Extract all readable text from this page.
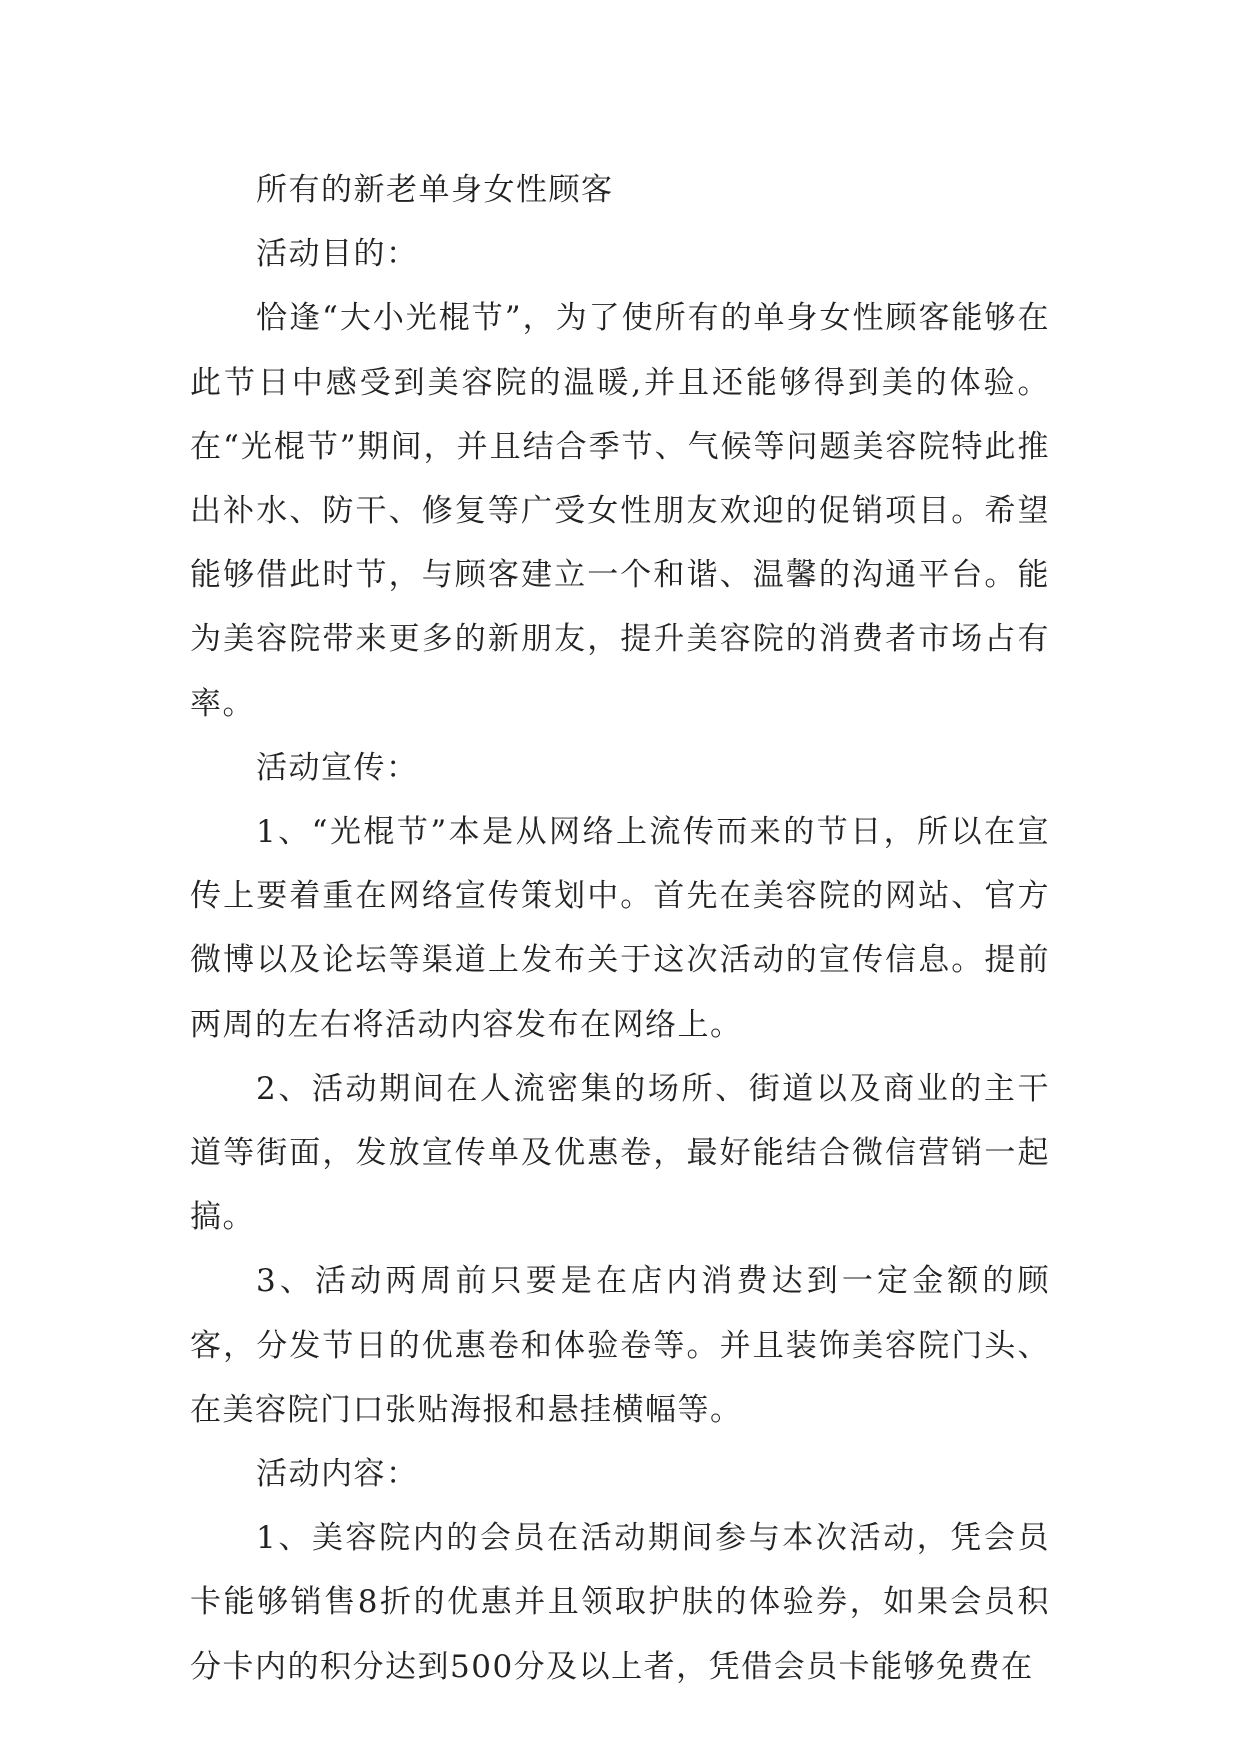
所有的新老单身女性顾客

活动目的：

恰逢“大小光棍节”，为了使所有的单身女性顾客能够在此节日中感受到美容院的温暖,并且还能够得到美的体验。在“光棍节”期间，并且结合季节、气候等问题美容院特此推出补水、防干、修复等广受女性朋友欢迎的促销项目。希望能够借此时节，与顾客建立一个和谐、温馨的沟通平台。能为美容院带来更多的新朋友，提升美容院的消费者市场占有率。

活动宣传：

1、“光棍节”本是从网络上流传而来的节日，所以在宣传上要着重在网络宣传策划中。首先在美容院的网站、官方微博以及论坛等渠道上发布关于这次活动的宣传信息。提前两周的左右将活动内容发布在网络上。

2、活动期间在人流密集的场所、街道以及商业的主干道等街面，发放宣传单及优惠卷，最好能结合微信营销一起搞。

3、活动两周前只要是在店内消费达到一定金额的顾客，分发节日的优惠卷和体验卷等。并且装饰美容院门头、在美容院门口张贴海报和悬挂横幅等。

活动内容：

1、美容院内的会员在活动期间参与本次活动，凭会员卡能够销售8折的优惠并且领取护肤的体验券，如果会员积分卡内的积分达到500分及以上者，凭借会员卡能够免费在
